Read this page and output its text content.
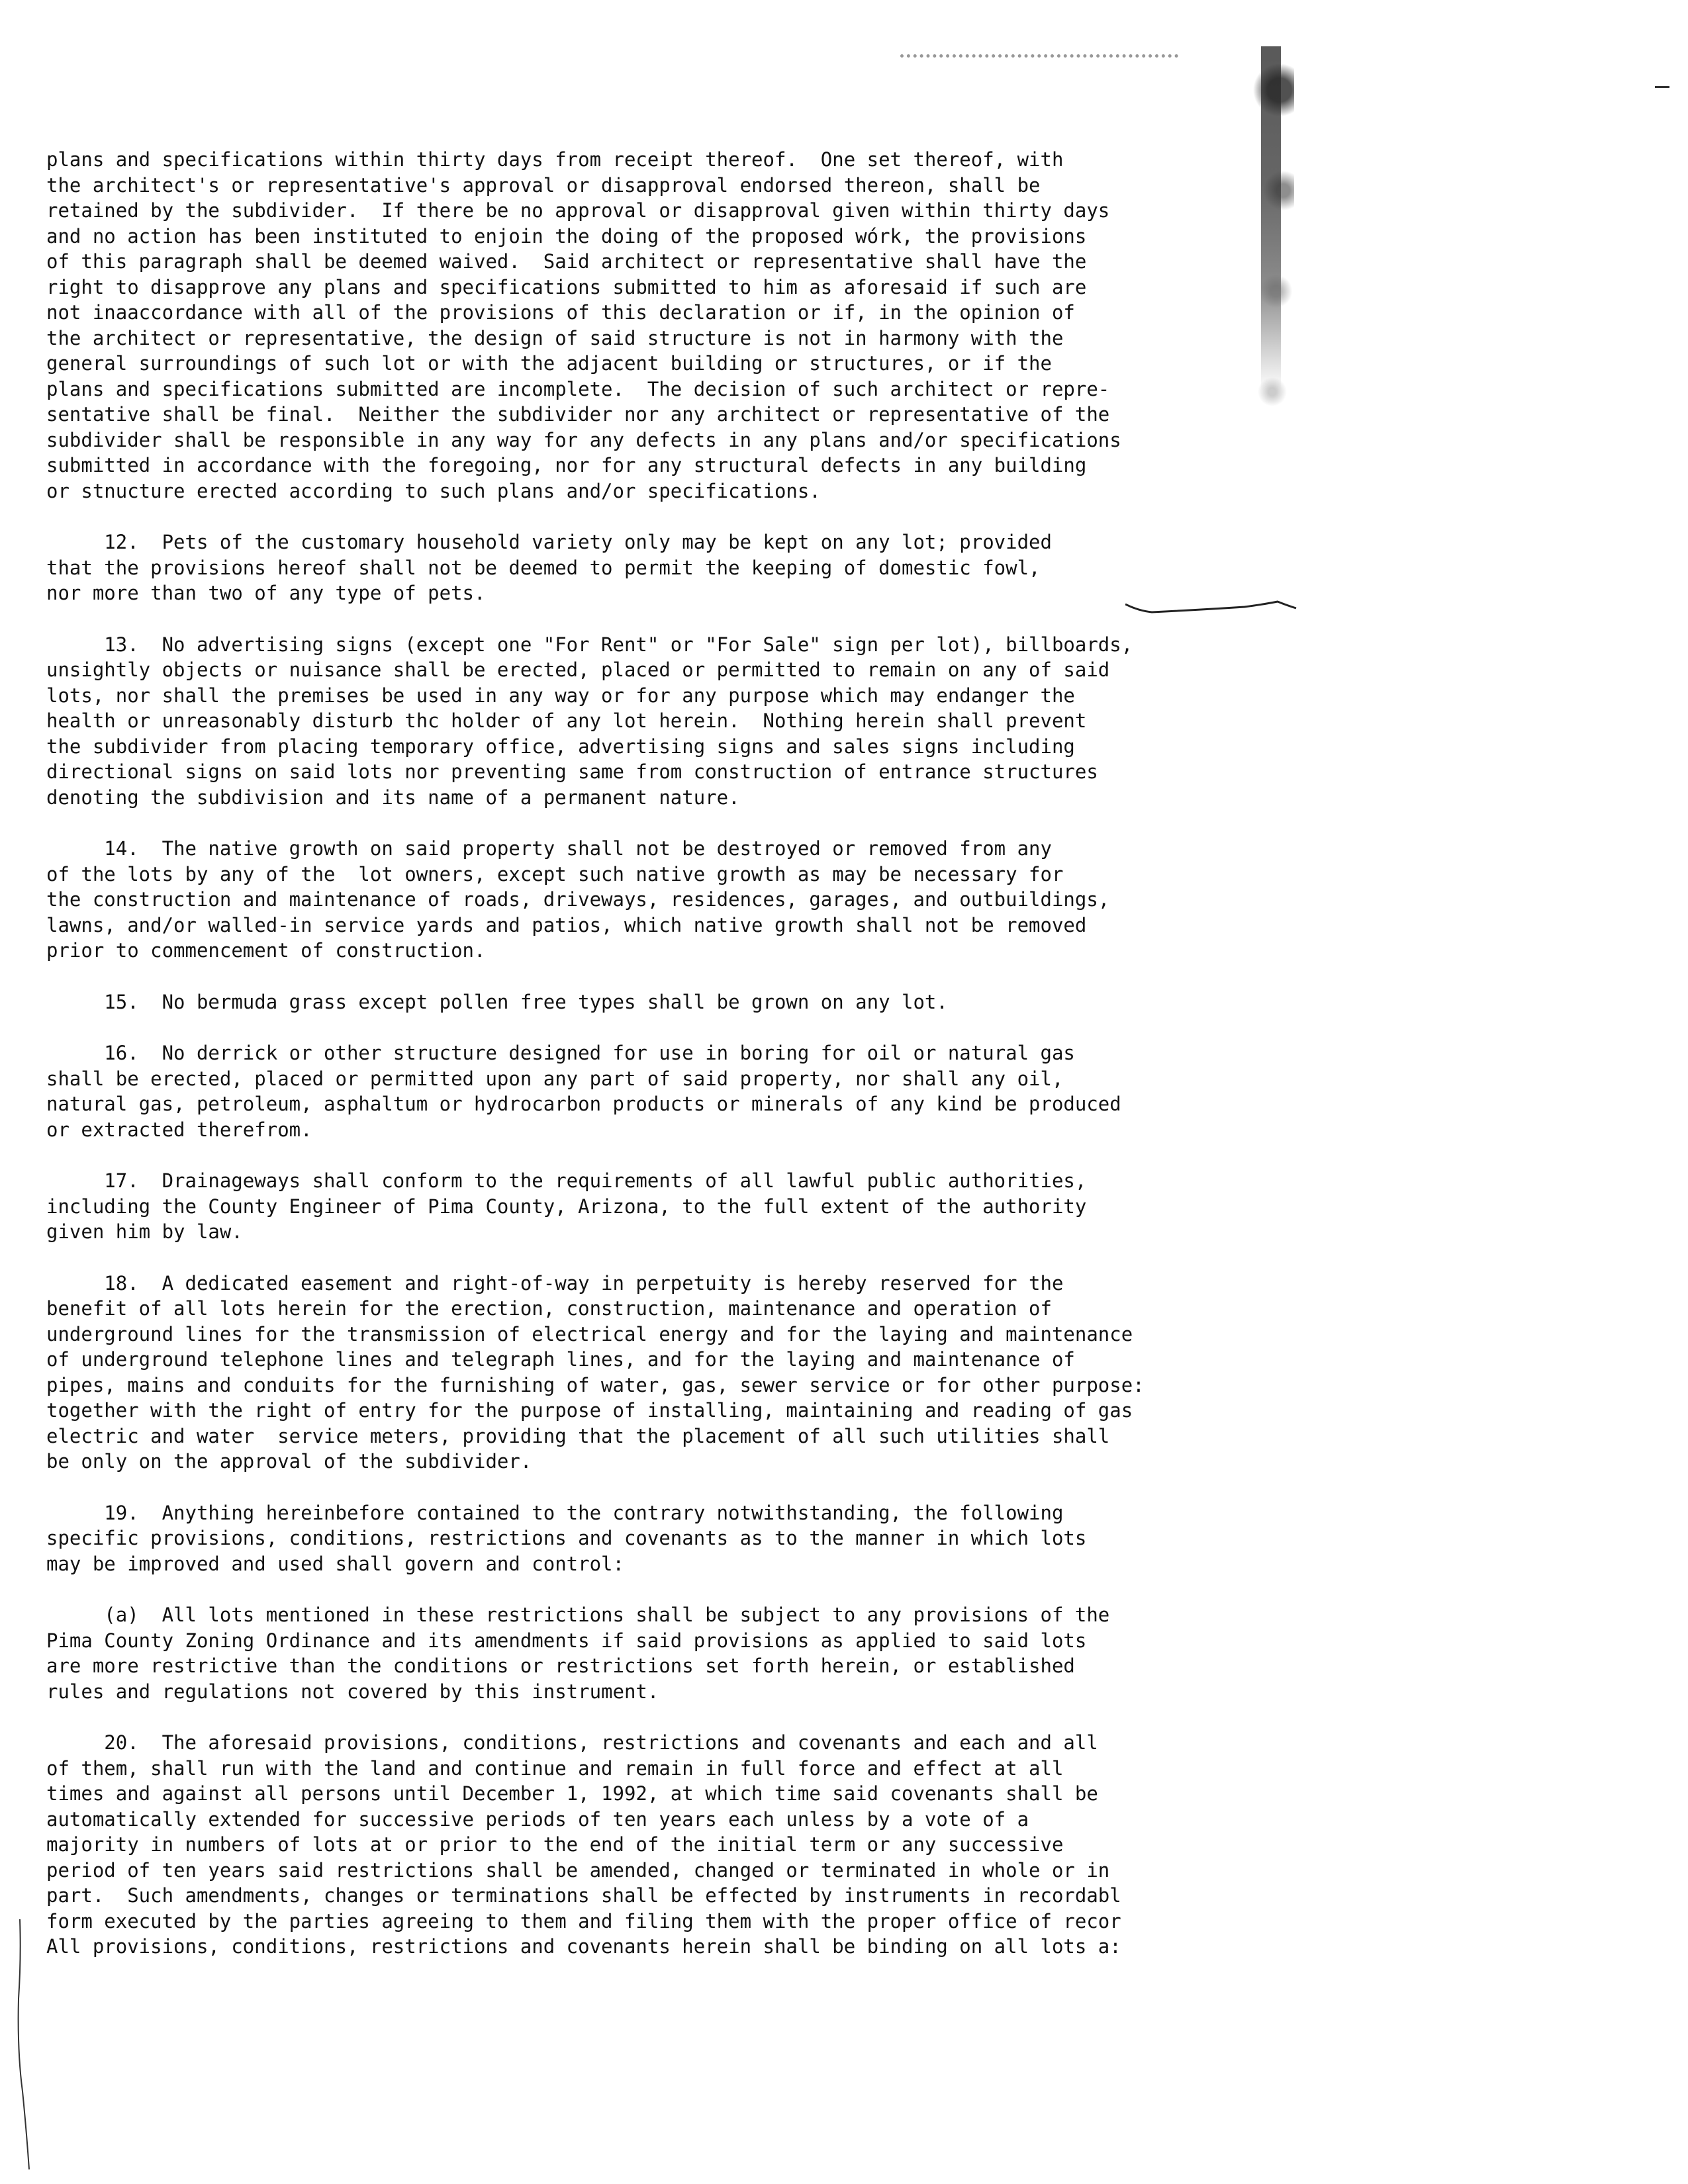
plans and specifications within thirty days from receipt thereof.  One set thereof, with
the architect's or representative's approval or disapproval endorsed thereon, shall be
retained by the subdivider.  If there be no approval or disapproval given within thirty days
and no action has been instituted to enjoin the doing of the proposed wórk, the provisions
of this paragraph shall be deemed waived.  Said architect or representative shall have the
right to disapprove any plans and specifications submitted to him as aforesaid if such are
not inaaccordance with all of the provisions of this declaration or if, in the opinion of
the architect or representative, the design of said structure is not in harmony with the
general surroundings of such lot or with the adjacent building or structures, or if the
plans and specifications submitted are incomplete.  The decision of such architect or repre-
sentative shall be final.  Neither the subdivider nor any architect or representative of the
subdivider shall be responsible in any way for any defects in any plans and/or specifications
submitted in accordance with the foregoing, nor for any structural defects in any building
or stnucture erected according to such plans and/or specifications.
12.  Pets of the customary household variety only may be kept on any lot; provided
that the provisions hereof shall not be deemed to permit the keeping of domestic fowl,
nor more than two of any type of pets.
13.  No advertising signs (except one "For Rent" or "For Sale" sign per lot), billboards,
unsightly objects or nuisance shall be erected, placed or permitted to remain on any of said
lots, nor shall the premises be used in any way or for any purpose which may endanger the
health or unreasonably disturb thc holder of any lot herein.  Nothing herein shall prevent
the subdivider from placing temporary office, advertising signs and sales signs including
directional signs on said lots nor preventing same from construction of entrance structures
denoting the subdivision and its name of a permanent nature.
14.  The native growth on said property shall not be destroyed or removed from any
of the lots by any of the  lot owners, except such native growth as may be necessary for
the construction and maintenance of roads, driveways, residences, garages, and outbuildings,
lawns, and/or walled-in service yards and patios, which native growth shall not be removed
prior to commencement of construction.
15.  No bermuda grass except pollen free types shall be grown on any lot.
16.  No derrick or other structure designed for use in boring for oil or natural gas
shall be erected, placed or permitted upon any part of said property, nor shall any oil,
natural gas, petroleum, asphaltum or hydrocarbon products or minerals of any kind be produced
or extracted therefrom.
17.  Drainageways shall conform to the requirements of all lawful public authorities,
including the County Engineer of Pima County, Arizona, to the full extent of the authority
given him by law.
18.  A dedicated easement and right-of-way in perpetuity is hereby reserved for the
benefit of all lots herein for the erection, construction, maintenance and operation of
underground lines for the transmission of electrical energy and for the laying and maintenance
of underground telephone lines and telegraph lines, and for the laying and maintenance of
pipes, mains and conduits for the furnishing of water, gas, sewer service or for other purpose:
together with the right of entry for the purpose of installing, maintaining and reading of gas
electric and water  service meters, providing that the placement of all such utilities shall
be only on the approval of the subdivider.
19.  Anything hereinbefore contained to the contrary notwithstanding, the following
specific provisions, conditions, restrictions and covenants as to the manner in which lots
may be improved and used shall govern and control:
(a)  All lots mentioned in these restrictions shall be subject to any provisions of the
Pima County Zoning Ordinance and its amendments if said provisions as applied to said lots
are more restrictive than the conditions or restrictions set forth herein, or established
rules and regulations not covered by this instrument.
20.  The aforesaid provisions, conditions, restrictions and covenants and each and all
of them, shall run with the land and continue and remain in full force and effect at all
times and against all persons until December 1, 1992, at which time said covenants shall be
automatically extended for successive periods of ten years each unless by a vote of a
majority in numbers of lots at or prior to the end of the initial term or any successive
period of ten years said restrictions shall be amended, changed or terminated in whole or in
part.  Such amendments, changes or terminations shall be effected by instruments in recordabl
form executed by the parties agreeing to them and filing them with the proper office of recor
All provisions, conditions, restrictions and covenants herein shall be binding on all lots a:
